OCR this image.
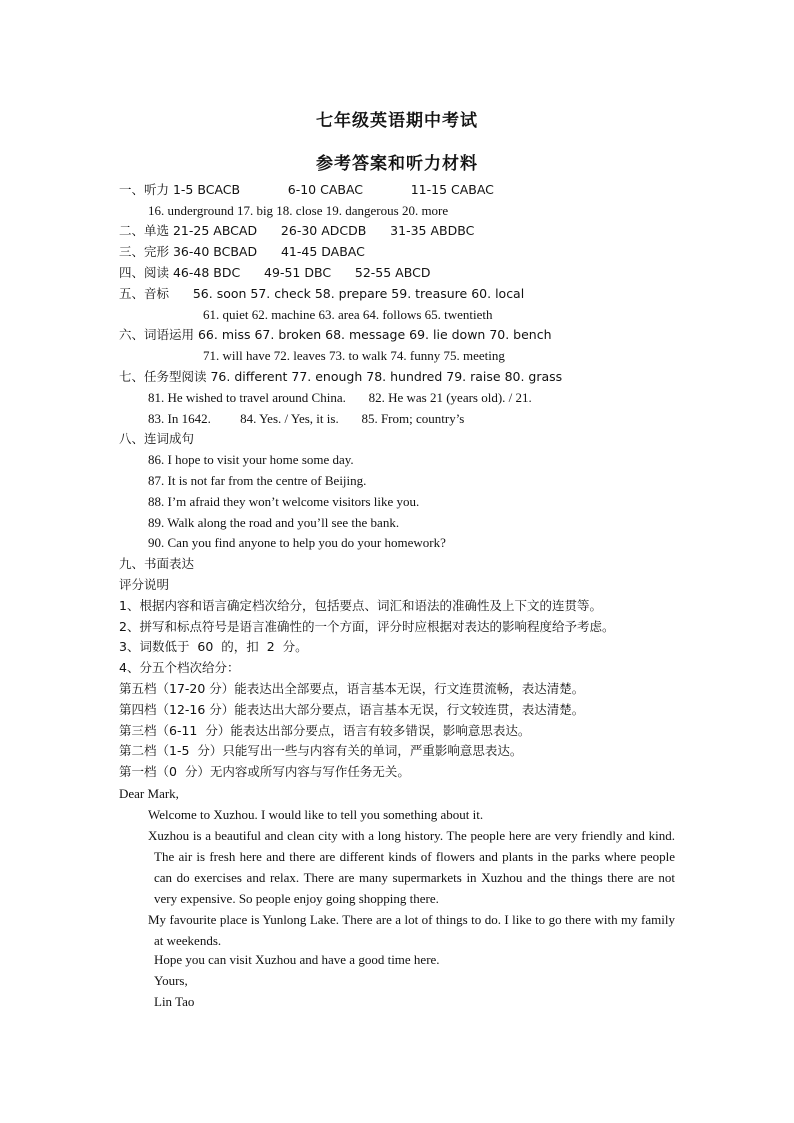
七年级英语期中考试
参考答案和听力材料
一、听力 1-5 BCACB            6-10 CABAC            11-15 CABAC
16. underground 17. big 18. close 19. dangerous 20. more
二、单选 21-25 ABCAD      26-30 ADCDB      31-35 ABDBC
三、完形 36-40 BCBAD      41-45 DABAC
四、阅读 46-48 BDC      49-51 DBC      52-55 ABCD
五、音标      56. soon 57. check 58. prepare 59. treasure 60. local
61. quiet 62. machine 63. area 64. follows 65. twentieth
六、词语运用 66. miss 67. broken 68. message 69. lie down 70. bench
71. will have 72. leaves 73. to walk 74. funny 75. meeting
七、任务型阅读 76. different 77. enough 78. hundred 79. raise 80. grass
81. He wished to travel around China.       82. He was 21 (years old). / 21.
83. In 1642.         84. Yes. / Yes, it is.       85. From; country’s
八、连词成句
86. I hope to visit your home some day.
87. It is not far from the centre of Beijing.
88. I’m afraid they won’t welcome visitors like you.
89. Walk along the road and you’ll see the bank.
90. Can you find anyone to help you do your homework?
九、书面表达
评分说明
1、根据内容和语言确定档次给分，包括要点、词汇和语法的准确性及上下文的连贯等。
2、拼写和标点符号是语言准确性的一个方面，评分时应根据对表达的影响程度给予考虑。
3、词数低于  60  的，扣  2  分。
4、分五个档次给分：
第五档（17-20 分）能表达出全部要点，语言基本无误，行文连贯流畅，表达清楚。
第四档（12-16 分）能表达出大部分要点，语言基本无误，行文较连贯，表达清楚。
第三档（6-11  分）能表达出部分要点，语言有较多错误，影响意思表达。
第二档（1-5  分）只能写出一些与内容有关的单词，严重影响意思表达。
第一档（0  分）无内容或所写内容与写作任务无关。
Dear Mark,
Welcome to Xuzhou. I would like to tell you something about it.
Xuzhou is a beautiful and clean city with a long history. The people here are very friendly and kind. The air is fresh here and there are different kinds of flowers and plants in the parks where people can do exercises and relax. There are many supermarkets in Xuzhou and the things there are not very expensive. So people enjoy going shopping there.
My favourite place is Yunlong Lake. There are a lot of things to do. I like to go there with my family at weekends.
Hope you can visit Xuzhou and have a good time here.
Yours,
Lin Tao
